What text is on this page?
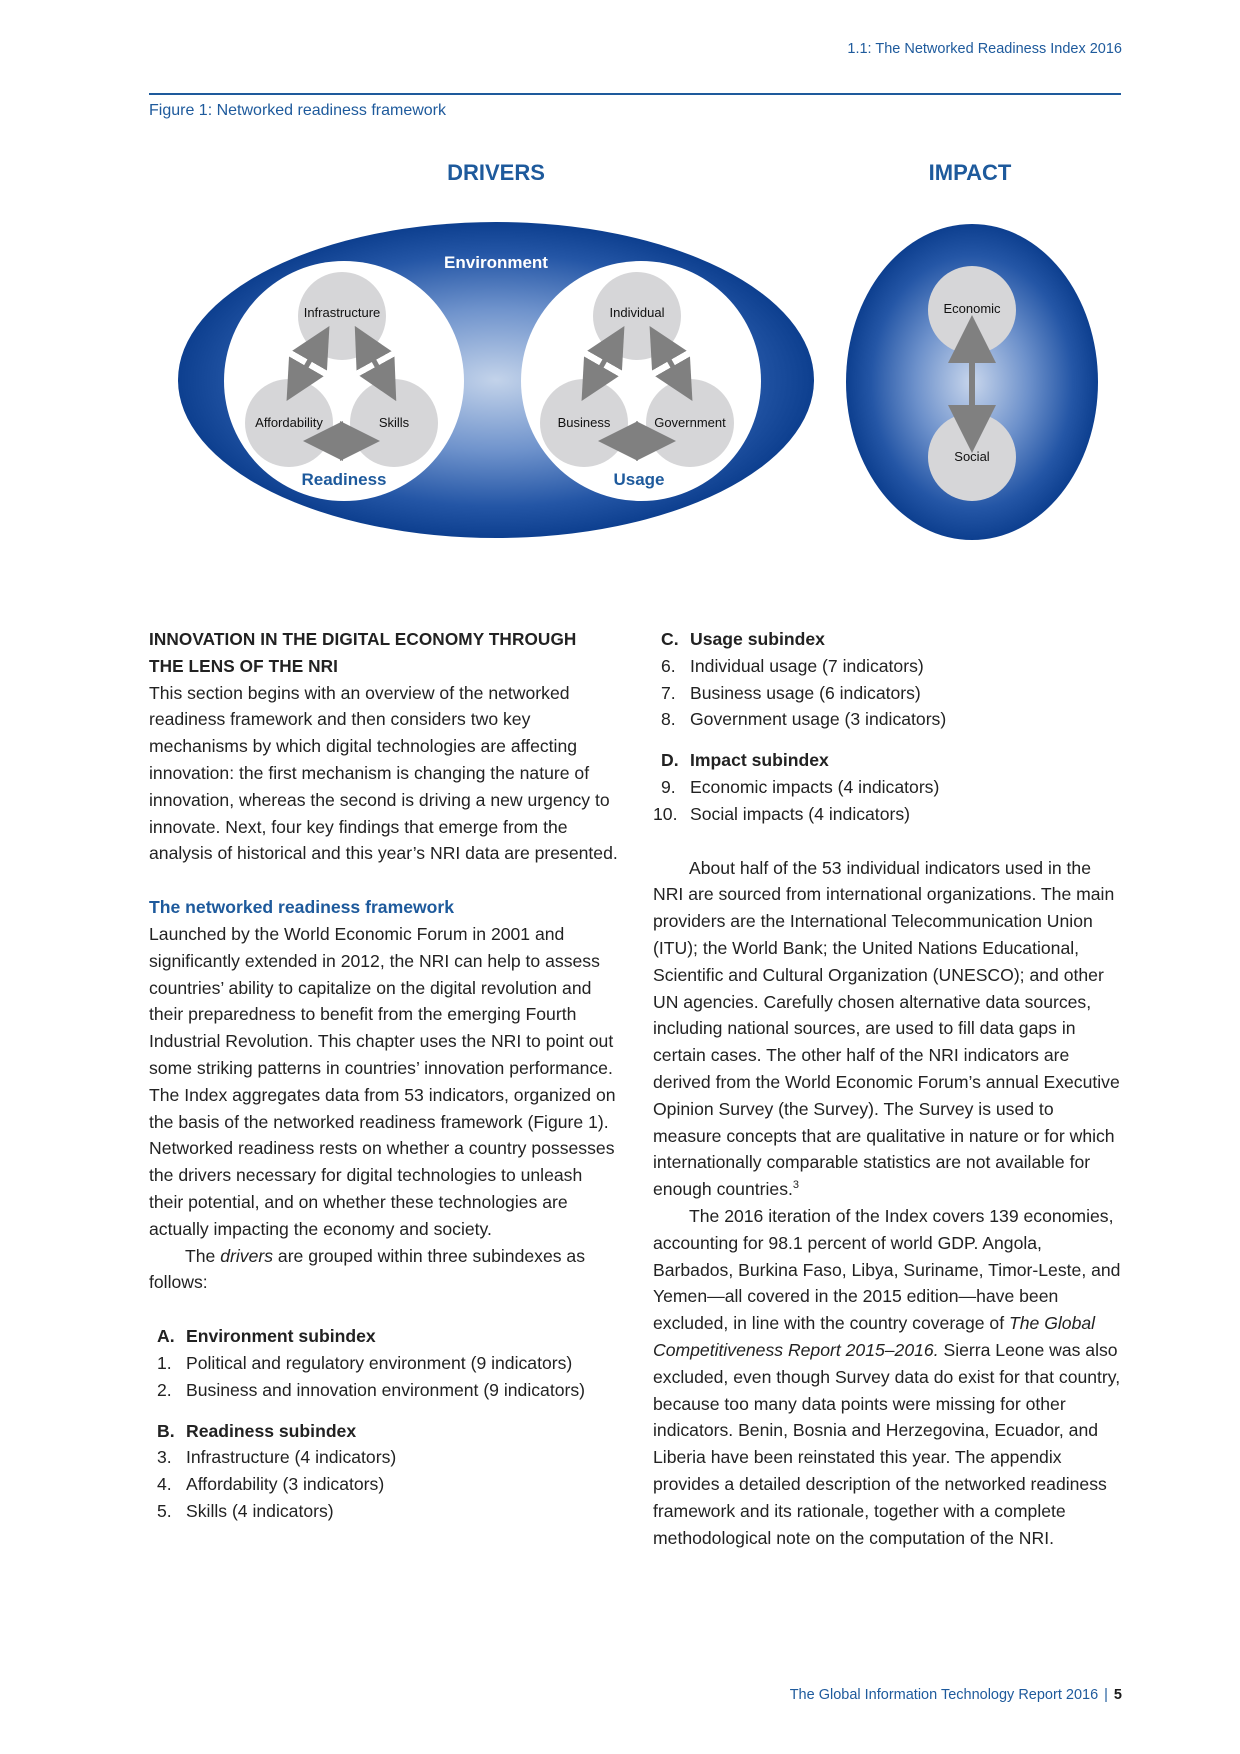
1.1: The Networked Readiness Index 2016
Figure 1: Networked readiness framework
DRIVERS	IMPACT
Environment
Infrastructure
Affordability	Skills
Readiness
Individual
Business	Government
Usage
Economic
Social
INNOVATION IN THE DIGITAL ECONOMY THROUGH
THE LENS OF THE NRI

This section begins with an overview of the networked readiness framework and then considers two key mechanisms by which digital technologies are affecting innovation: the first mechanism is changing the nature of innovation, whereas the second is driving a new urgency to innovate. Next, four key findings that emerge from the analysis of historical and this year’s NRI data are presented.

The networked readiness framework

Launched by the World Economic Forum in 2001 and significantly extended in 2012, the NRI can help to assess countries’ ability to capitalize on the digital revolution and their preparedness to benefit from the emerging Fourth Industrial Revolution. This chapter uses the NRI to point out some striking patterns in countries’ innovation performance. The Index aggregates data from 53 indicators, organized on the basis of the networked readiness framework (Figure 1). Networked readiness rests on whether a country possesses the drivers necessary for digital technologies to unleash their potential, and on whether these technologies are actually impacting the economy and society.

The drivers are grouped within three subindexes as follows:

A. Environment subindex
1. Political and regulatory environment (9 indicators)
2. Business and innovation environment (9 indicators)
B. Readiness subindex
3. Infrastructure (4 indicators)
4. Affordability (3 indicators)
5. Skills (4 indicators)
C. Usage subindex
6. Individual usage (7 indicators)
7. Business usage (6 indicators)
8. Government usage (3 indicators)
D. Impact subindex
9. Economic impacts (4 indicators)
10. Social impacts (4 indicators)

About half of the 53 individual indicators used in the NRI are sourced from international organizations. The main providers are the International Telecommunication Union (ITU); the World Bank; the United Nations Educational, Scientific and Cultural Organization (UNESCO); and other UN agencies. Carefully chosen alternative data sources, including national sources, are used to fill data gaps in certain cases. The other half of the NRI indicators are derived from the World Economic Forum’s annual Executive Opinion Survey (the Survey). The Survey is used to measure concepts that are qualitative in nature or for which internationally comparable statistics are not available for enough countries.$^3$

The 2016 iteration of the Index covers 139 economies, accounting for 98.1 percent of world GDP. Angola, Barbados, Burkina Faso, Libya, Suriname, Timor-Leste, and Yemen—all covered in the 2015 edition—have been excluded, in line with the country coverage of The Global Competitiveness Report 2015–2016. Sierra Leone was also excluded, even though Survey data do exist for that country, because too many data points were missing for other indicators. Benin, Bosnia and Herzegovina, Ecuador, and Liberia have been reinstated this year. The appendix provides a detailed description of the networked readiness framework and its rationale, together with a complete methodological note on the computation of the NRI.

The Global Information Technology Report 2016 | 5
